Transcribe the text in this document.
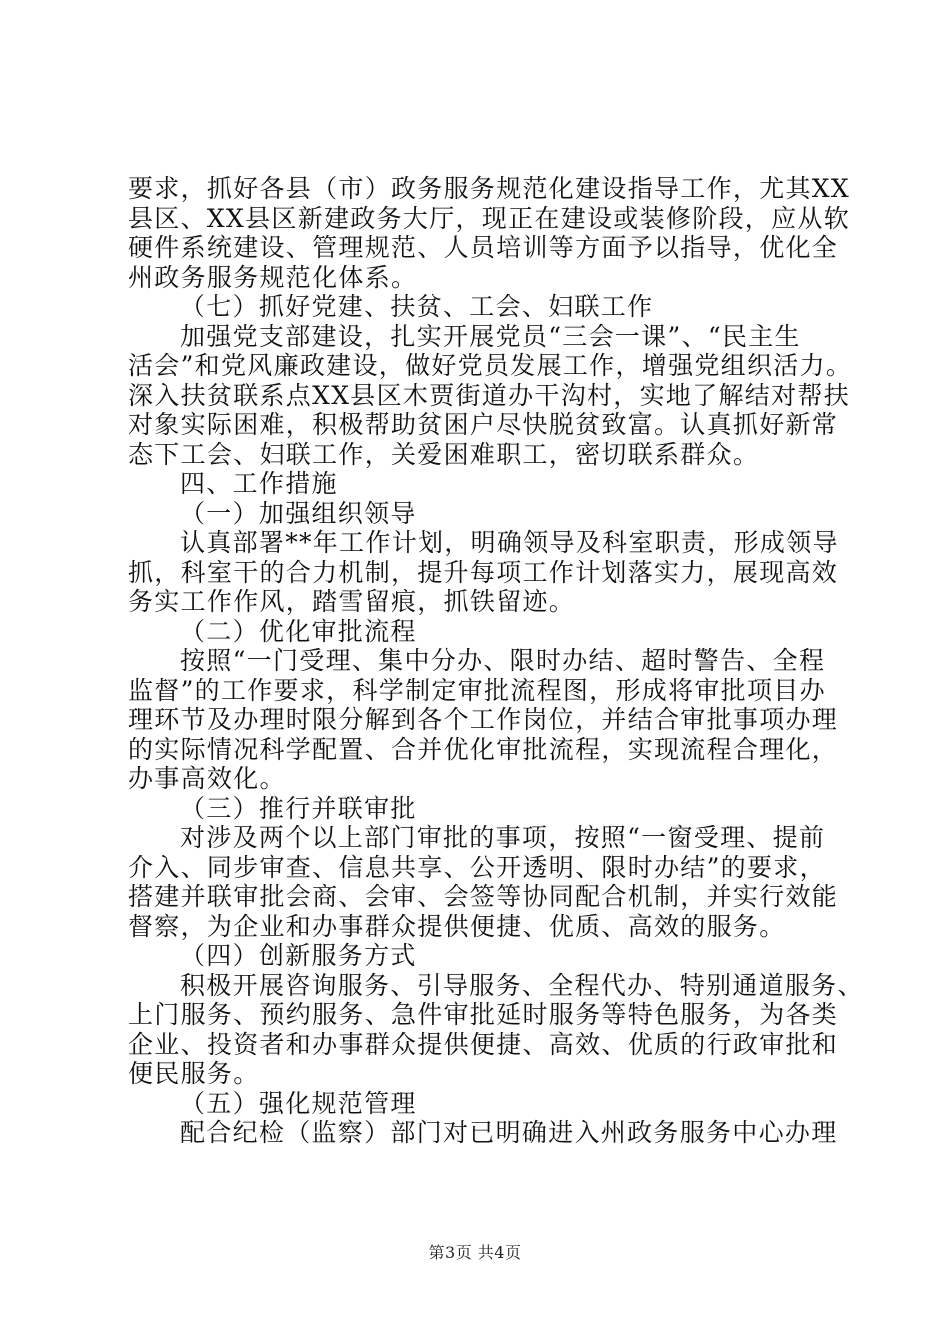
要求，抓好各县（市）政务服务规范化建设指导工作，尤其XX
县区、XX县区新建政务大厅，现正在建设或装修阶段，应从软
硬件系统建设、管理规范、人员培训等方面予以指导，优化全
州政务服务规范化体系。
（七）抓好党建、扶贫、工会、妇联工作
加强党支部建设，扎实开展党员“三会一课”、“民主生
活会”和党风廉政建设，做好党员发展工作，增强党组织活力。
深入扶贫联系点XX县区木贾街道办干沟村，实地了解结对帮扶
对象实际困难，积极帮助贫困户尽快脱贫致富。认真抓好新常
态下工会、妇联工作，关爱困难职工，密切联系群众。
四、工作措施
（一）加强组织领导
认真部署**年工作计划，明确领导及科室职责，形成领导
抓，科室干的合力机制，提升每项工作计划落实力，展现高效
务实工作作风，踏雪留痕，抓铁留迹。
（二）优化审批流程
按照“一门受理、集中分办、限时办结、超时警告、全程
监督”的工作要求，科学制定审批流程图，形成将审批项目办
理环节及办理时限分解到各个工作岗位，并结合审批事项办理
的实际情况科学配置、合并优化审批流程，实现流程合理化，
办事高效化。
（三）推行并联审批
对涉及两个以上部门审批的事项，按照“一窗受理、提前
介入、同步审查、信息共享、公开透明、限时办结”的要求，
搭建并联审批会商、会审、会签等协同配合机制，并实行效能
督察，为企业和办事群众提供便捷、优质、高效的服务。
（四）创新服务方式
积极开展咨询服务、引导服务、全程代办、特别通道服务、
上门服务、预约服务、急件审批延时服务等特色服务，为各类
企业、投资者和办事群众提供便捷、高效、优质的行政审批和
便民服务。
（五）强化规范管理
配合纪检（监察）部门对已明确进入州政务服务中心办理
第3页 共4页
